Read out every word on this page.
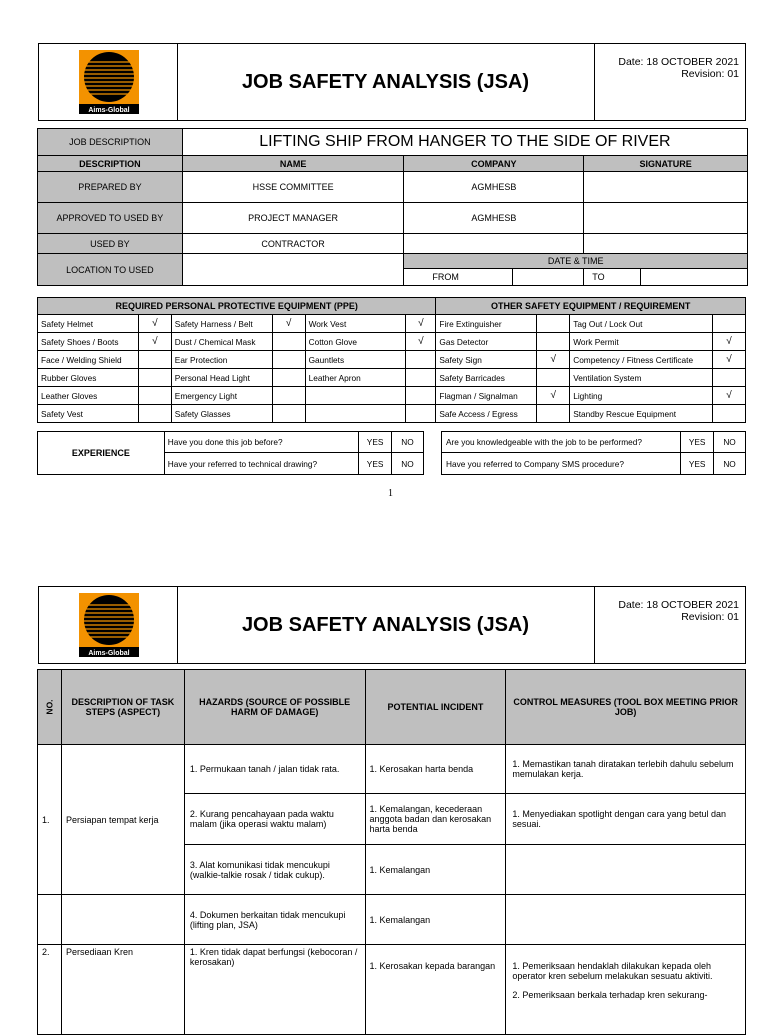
Aims-Global
JOB SAFETY ANALYSIS (JSA)
Date: 18 OCTOBER 2021
Revision: 01
JOB DESCRIPTION	LIFTING SHIP FROM HANGER TO THE SIDE OF RIVER		
DESCRIPTION	NAME	COMPANY	SIGNATURE
PREPARED BY	HSSE COMMITTEE	AGMHESB	
APPROVED TO USED BY	PROJECT MANAGER	AGMHESB	
USED BY	CONTRACTOR		
LOCATION TO USED		DATE & TIME	

		FROM	TO
REQUIRED PERSONAL PROTECTIVE EQUIPMENT (PPE)						OTHER SAFETY EQUIPMENT / REQUIREMENT			
Safety Helmet	√	Safety Harness / Belt	√	Work Vest	√	Fire Extinguisher		Tag Out / Lock Out	
Safety Shoes / Boots	√	Dust / Chemical Mask		Cotton Glove	√	Gas Detector		Work Permit	√
Face / Welding Shield		Ear Protection		Gauntlets		Safety Sign	√	Competency / Fitness Certificate	√
Rubber Gloves		Personal Head Light		Leather Apron		Safety Barricades		Ventilation System	
Leather Gloves		Emergency Light				Flagman / Signalman	√	Lighting	√
Safety Vest		Safety Glasses				Safe Access / Egress		Standby Rescue Equipment	
EXPERIENCE	Have you done this job before?	YES	NO
	Have your referred to technical drawing?	YES	NO
Are you knowledgeable with the job to be performed?	YES	NO
Have you referred to Company SMS procedure?	YES	NO
1
Aims-Global
JOB SAFETY ANALYSIS (JSA)
Date: 18 OCTOBER 2021
Revision: 01
NO.	DESCRIPTION OF TASK STEPS (ASPECT)	HAZARDS (SOURCE OF POSSIBLE HARM OF DAMAGE)	POTENTIAL INCIDENT	CONTROL MEASURES (TOOL BOX MEETING PRIOR JOB)
1.	Persiapan tempat kerja	1. Permukaan tanah / jalan tidak rata.	1. Kerosakan harta benda	1. Memastikan tanah diratakan terlebih dahulu sebelum memulakan kerja.
		2. Kurang pencahayaan pada waktu malam (jika operasi waktu malam)	1. Kemalangan, kecederaan anggota badan dan kerosakan harta benda	1. Menyediakan spotlight dengan cara yang betul dan sesuai.
		3. Alat komunikasi tidak mencukupi (walkie-talkie rosak / tidak cukup).	1. Kemalangan	
		4. Dokumen berkaitan tidak mencukupi (lifting plan, JSA)	1. Kemalangan	
2.	Persediaan Kren	1. Kren tidak dapat berfungsi (kebocoran / kerosakan)	1. Kerosakan kepada barangan	1. Pemeriksaan hendaklah dilakukan kepada oleh operator kren sebelum melakukan sesuatu aktiviti.
2. Pemeriksaan berkala terhadap kren sekurang-
